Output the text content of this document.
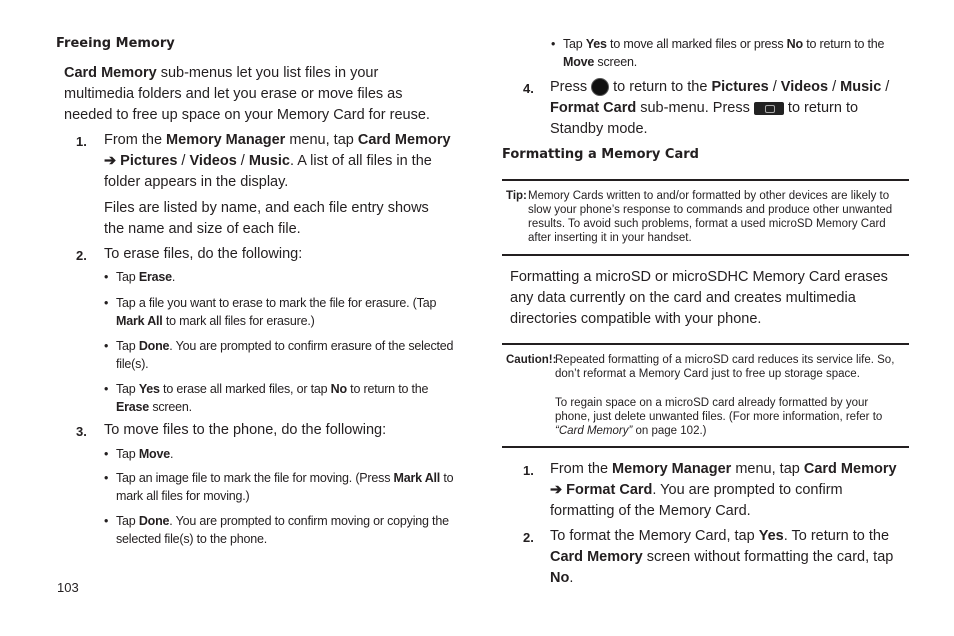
Freeing Memory
Card Memory sub-menus let you list files in your multimedia folders and let you erase or move files as needed to free up space on your Memory Card for reuse.
1. From the Memory Manager menu, tap Card Memory ➔ Pictures / Videos / Music. A list of all files in the folder appears in the display.
Files are listed by name, and each file entry shows the name and size of each file.
2. To erase files, do the following:
• Tap Erase.
• Tap a file you want to erase to mark the file for erasure. (Tap Mark All to mark all files for erasure.)
• Tap Done. You are prompted to confirm erasure of the selected file(s).
• Tap Yes to erase all marked files, or tap No to return to the Erase screen.
3. To move files to the phone, do the following:
• Tap Move.
• Tap an image file to mark the file for moving. (Press Mark All to mark all files for moving.)
• Tap Done. You are prompted to confirm moving or copying the selected file(s) to the phone.
103
• Tap Yes to move all marked files or press No to return to the Move screen.
4. Press  to return to the Pictures / Videos / Music / Format Card sub-menu. Press  to return to Standby mode.
Formatting a Memory Card
Tip: Memory Cards written to and/or formatted by other devices are likely to slow your phone’s response to commands and produce other unwanted results. To avoid such problems, format a used microSD Memory Card after inserting it in your handset.
Formatting a microSD or microSDHC Memory Card erases any data currently on the card and creates multimedia directories compatible with your phone.
Caution!:
Repeated formatting of a microSD card reduces its service life. So, don’t reformat a Memory Card just to free up storage space.
To regain space on a microSD card already formatted by your phone, just delete unwanted files. (For more information, refer to “Card Memory” on page 102.)
1. From the Memory Manager menu, tap Card Memory ➔ Format Card. You are prompted to confirm formatting of the Memory Card.
2. To format the Memory Card, tap Yes. To return to the Card Memory screen without formatting the card, tap No.
